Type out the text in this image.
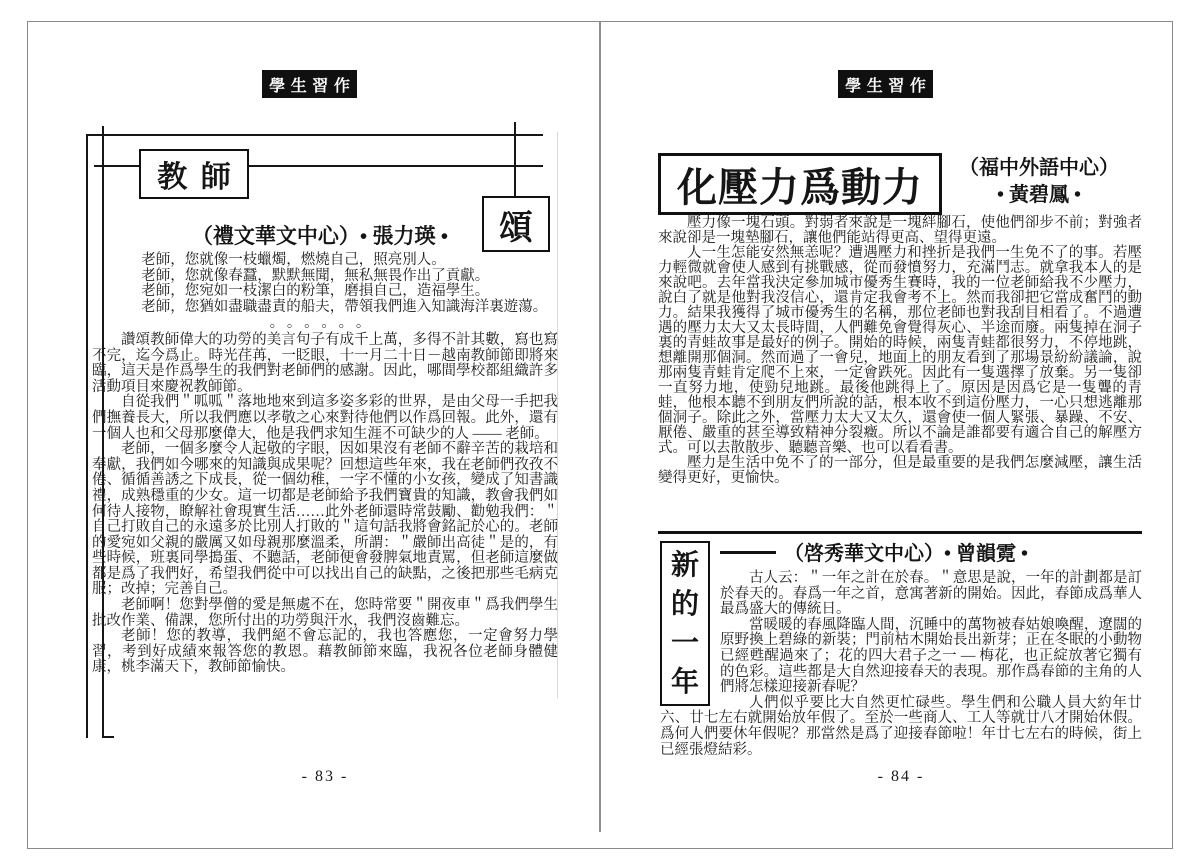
學生習作
教師
頌
（禮文華文中心）• 張力瑛 •
老師，您就像一枝蠟燭，燃燒自己，照亮別人。
老師，您就像春蠶，默默無聞，無私無畏作出了貢獻。
老師，您宛如一枝潔白的粉筆，磨損自己，造福學生。
老師，您猶如盡職盡責的船夫，帶領我們進入知識海洋裏遊蕩。
。。。。。。

讚頌教師偉大的功勞的美言句子有成千上萬，多得不計其數，寫也寫不完，迄今爲止。時光荏苒，一眨眼，十一月二十日－越南教師節即將來臨，這天是作爲學生的我們對老師們的感謝。因此，哪間學校都組織許多活動項目來慶祝教師節。

自從我們＂呱呱＂落地地來到這多姿多彩的世界，是由父母一手把我們撫養長大，所以我們應以孝敬之心來對待他們以作爲回報。此外，還有一個人也和父母那麼偉大，他是我們求知生涯不可缺少的人 —— 老師。

老師，一個多麼令人起敬的字眼，因如果沒有老師不辭辛苦的栽培和奉獻，我們如今哪來的知識與成果呢？回想這些年來，我在老師們孜孜不倦、循循善誘之下成長，從一個幼稚，一字不懂的小女孩，變成了知書識禮，成熟穩重的少女。這一切都是老師給予我們寶貴的知識，教會我們如何待人接物，瞭解社會現實生活……此外老師還時常鼓勵、勸勉我們：＂自己打敗自己的永遠多於比別人打敗的＂這句話我將會銘記於心的。老師的愛宛如父親的嚴厲又如母親那麼溫柔，所謂：＂嚴師出高徒＂是的，有些時候，班裏同學搗蛋、不聽話，老師便會發脾氣地責罵，但老師這麼做都是爲了我們好，希望我們從中可以找出自己的缺點，之後把那些毛病克服；改掉；完善自己。

老師啊！您對學僧的愛是無處不在，您時常要＂開夜車＂爲我們學生批改作業、備課，您所付出的功勞與汗水，我們沒齒難忘。

老師！您的教導，我們絕不會忘記的，我也答應您，一定會努力學習，考到好成績來報答您的教恩。藉教師節來臨，我祝各位老師身體健康，桃李滿天下，教師節愉快。

- 83 -
學生習作
化壓力爲動力	（福中外語中心）
• 黃碧鳳 •

壓力像一塊石頭。對弱者來說是一塊絆腳石，使他們卻步不前；對強者來說卻是一塊墊腳石，讓他們能站得更高、望得更遠。

人一生怎能安然無恙呢？遭遇壓力和挫折是我們一生免不了的事。若壓力輕微就會使人感到有挑戰感，從而發憤努力，充滿鬥志。就拿我本人的是來說吧。去年當我決定參加城市優秀生賽時，我的一位老師給我不少壓力，說白了就是他對我沒信心，還肯定我會考不上。然而我卻把它當成奮鬥的動力。結果我獲得了城市優秀生的名稱，那位老師也對我刮目相看了。不過遭遇的壓力太大又太長時間，人們難免會覺得灰心、半途而廢。兩隻掉在洞子裏的青蛙故事是最好的例子。開始的時候，兩隻青蛙都很努力，不停地跳，想離開那個洞。然而過了一會兒，地面上的朋友看到了那場景紛紛議論，說那兩隻青蛙肯定爬不上來，一定會跌死。因此有一隻選擇了放棄。另一隻卻一直努力地，使勁兒地跳。最後他跳得上了。原因是因爲它是一隻聾的青蛙，他根本聽不到朋友們所說的話，根本收不到這份壓力，一心只想逃離那個洞子。除此之外，當壓力太大又太久，還會使一個人緊張、暴躁、不安、厭倦、嚴重的甚至導致精神分裂癥。所以不論是誰都要有適合自己的解壓方式。可以去散散步、聽聽音樂、也可以看看書。

壓力是生活中免不了的一部分，但是最重要的是我們怎麼減壓，讓生活變得更好，更愉快。

新的一年
（啓秀華文中心）• 曾韻霓 •

古人云：＂一年之計在於春。＂意思是說，一年的計劃都是訂於春天的。春爲一年之首，意寓著新的開始。因此，春節成爲華人最爲盛大的傳統日。

當暖暖的春風降臨人間，沉睡中的萬物被春姑娘喚醒，遼闊的原野換上碧綠的新裝；門前枯木開始長出新芽；正在冬眠的小動物已經甦醒過來了；花的四大君子之一 — 梅花，也正綻放著它獨有的色彩。這些都是大自然迎接春天的表現。那作爲春節的主角的人們將怎樣迎接新春呢？

人們似乎要比大自然更忙碌些。學生們和公職人員大約年廿六、廿七左右就開始放年假了。至於一些商人、工人等就廿八才開始休假。爲何人們要休年假呢？那當然是爲了迎接春節啦！年廿七左右的時候，街上已經張燈結彩。

- 84 -
